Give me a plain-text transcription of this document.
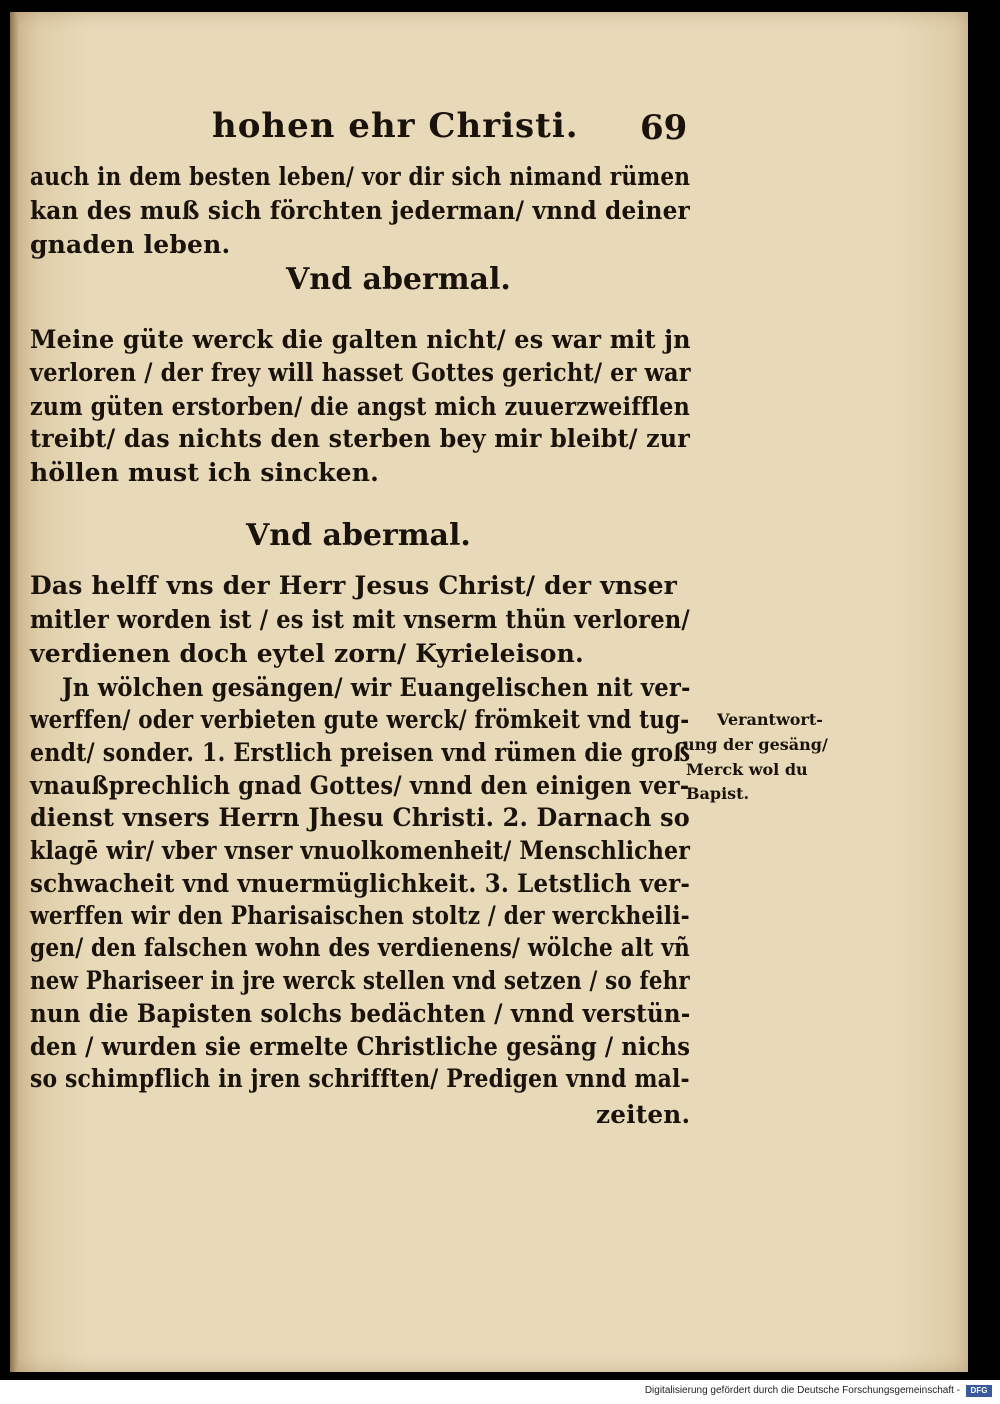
hohen ehr Christi. 69
auch in dem besten leben/ vor dir sich nimand rümen
kan des muß sich förchten jederman/ vnnd deiner
gnaden leben.
Vnd abermal.
Meine güte werck die galten nicht/ es war mit jn
verloren / der frey will hasset Gottes gericht/ er war
zum güten erstorben/ die angst mich zuuerzweifflen
treibt/ das nichts den sterben bey mir bleibt/ zur
höllen must ich sincken.
Vnd abermal.
Das helff vns der Herr Jesus Christ/ der vnser
mitler worden ist / es ist mit vnserm thün verloren/
verdienen doch eytel zorn/ Kyrieleison.
Jn wölchen gesängen/ wir Euangelischen nit ver-
werffen/ oder verbieten gute werck/ frömkeit vnd tug-
endt/ sonder. 1. Erstlich preisen vnd rümen die groß
vnaußprechlich gnad Gottes/ vnnd den einigen ver-
dienst vnsers Herrn Jhesu Christi. 2. Darnach so
klagē wir/ vber vnser vnuolkomenheit/ Menschlicher
schwacheit vnd vnuermüglichkeit. 3. Letstlich ver-
werffen wir den Pharisaischen stoltz / der werckheili-
gen/ den falschen wohn des verdienens/ wölche alt vñ
new Phariseer in jre werck stellen vnd setzen / so fehr
nun die Bapisten solchs bedächten / vnnd verstün-
den / wurden sie ermelte Christliche gesäng / nichs
so schimpflich in jren schrifften/ Predigen vnnd mal-
zeiten.
Verantwort-
ung der gesäng/
Merck wol du
Bapist.
Digitalisierung gefördert durch die Deutsche Forschungsgemeinschaft -	DFG
